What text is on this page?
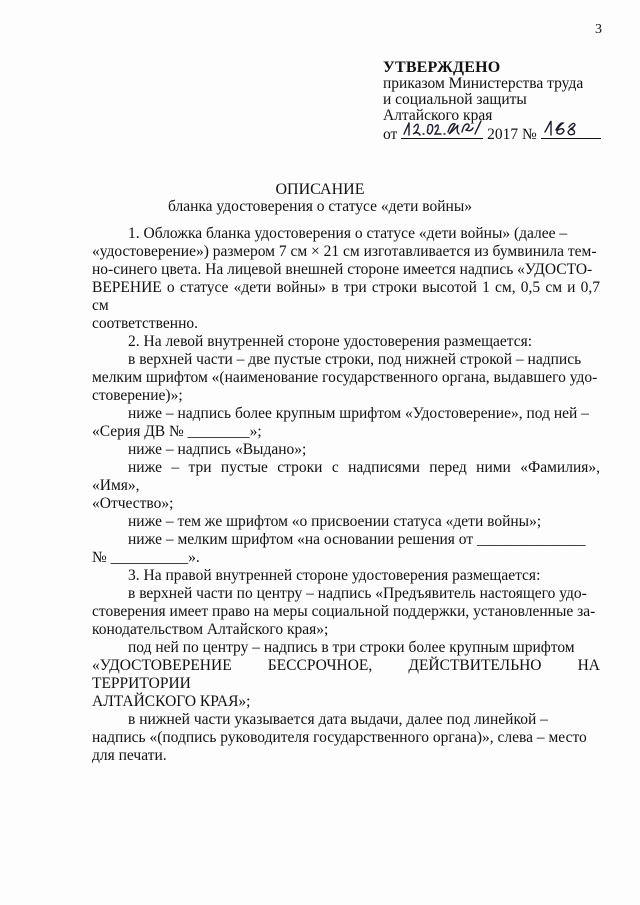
3
УТВЕРЖДЕНО
приказом Министерства труда
и социальной защиты
Алтайского края
от	2017 №
ОПИСАНИЕ
бланка удостоверения о статусе «дети войны»

1. Обложка бланка удостоверения о статусе «дети войны» (далее –

«удостоверение») размером 7 см × 21 см изготавливается из бумвинила тем-

но-синего цвета. На лицевой внешней стороне имеется надпись «УДОСТО-

ВЕРЕНИЕ о статусе «дети войны» в три строки высотой 1 см, 0,5 см и 0,7 см

соответственно.

2. На левой внутренней стороне удостоверения размещается:

в верхней части – две пустые строки, под нижней строкой – надпись

мелким шрифтом «(наименование государственного органа, выдавшего удо-

стоверение)»;

ниже – надпись более крупным шрифтом «Удостоверение», под ней –

«Серия ДВ № ________»;

ниже – надпись «Выдано»;

ниже – три пустые строки с надписями перед ними «Фамилия», «Имя»,

«Отчество»;

ниже – тем же шрифтом «о присвоении статуса «дети войны»;

ниже – мелким шрифтом «на основании решения от ______________

№ __________».

3. На правой внутренней стороне удостоверения размещается:

в верхней части по центру – надпись «Предъявитель настоящего удо-

стоверения имеет право на меры социальной поддержки, установленные за-

конодательством Алтайского края»;

под ней по центру – надпись в три строки более крупным шрифтом

«УДОСТОВЕРЕНИЕ БЕССРОЧНОЕ, ДЕЙСТВИТЕЛЬНО НА ТЕРРИТОРИИ

АЛТАЙСКОГО КРАЯ»;

в нижней части указывается дата выдачи, далее под линейкой –

надпись «(подпись руководителя государственного органа)», слева – место

для печати.
